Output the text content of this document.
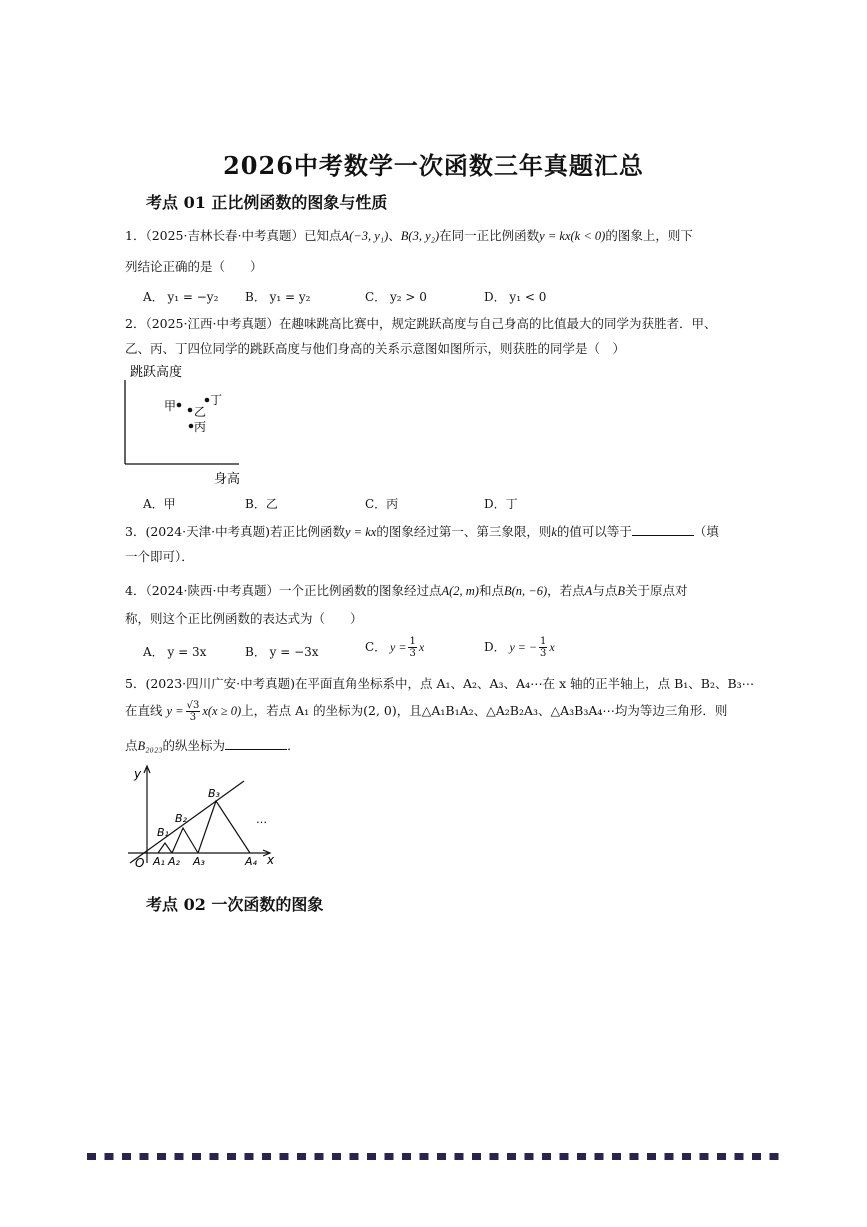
2026中考数学一次函数三年真题汇总
考点 01 正比例函数的图象与性质
1．（2025·吉林长春·中考真题）已知点A(−3, y₁)、B(3, y₂)在同一正比例函数y = kx(k < 0)的图象上，则下
列结论正确的是（　　）
A． y₁ = −y₂ B． y₁ = y₂	C． y₂ > 0	D． y₁ < 0
2．（2025·江西·中考真题）在趣味跳高比赛中，规定跳跃高度与自己身高的比值最大的同学为获胜者．甲、
乙、丙、丁四位同学的跳跃高度与他们身高的关系示意图如图所示，则获胜的同学是（　）
跳跃高度
身高
甲	丁
乙
丙
A．甲	B．乙	C．丙	D．丁
3．(2024·天津·中考真题)若正比例函数y = kx的图象经过第一、第三象限，则k的值可以等于	（填
一个即可）．
4．（2024·陕西·中考真题）一个正比例函数的图象经过点A(2, m)和点B(n, −6)，若点A与点B关于原点对
称，则这个正比例函数的表达式为（　　）
A． y = 3x	B． y = −3x	C． $y = \frac{1}{3}$ x	D． y = − $\frac{1}{3}$ x
5．(2023·四川广安·中考真题)在平面直角坐标系中，点 A₁、A₂、A₃、A₄⋯在 x 轴的正半轴上，点 B₁、B₂、B₃⋯
在直线 $y = \frac{√3}{3} x(x \ge 0)$上，若点 A₁ 的坐标为(2, 0)，且△A₁B₁A₂、△A₂B₂A₃、△A₃B₃A₄⋯均为等边三角形．则
点B₂₀₂₃的纵坐标为	．
y
x
O
B₁
B₂
B₃
A₁ A₂ A₃	A₄
…
考点 02 一次函数的图象
